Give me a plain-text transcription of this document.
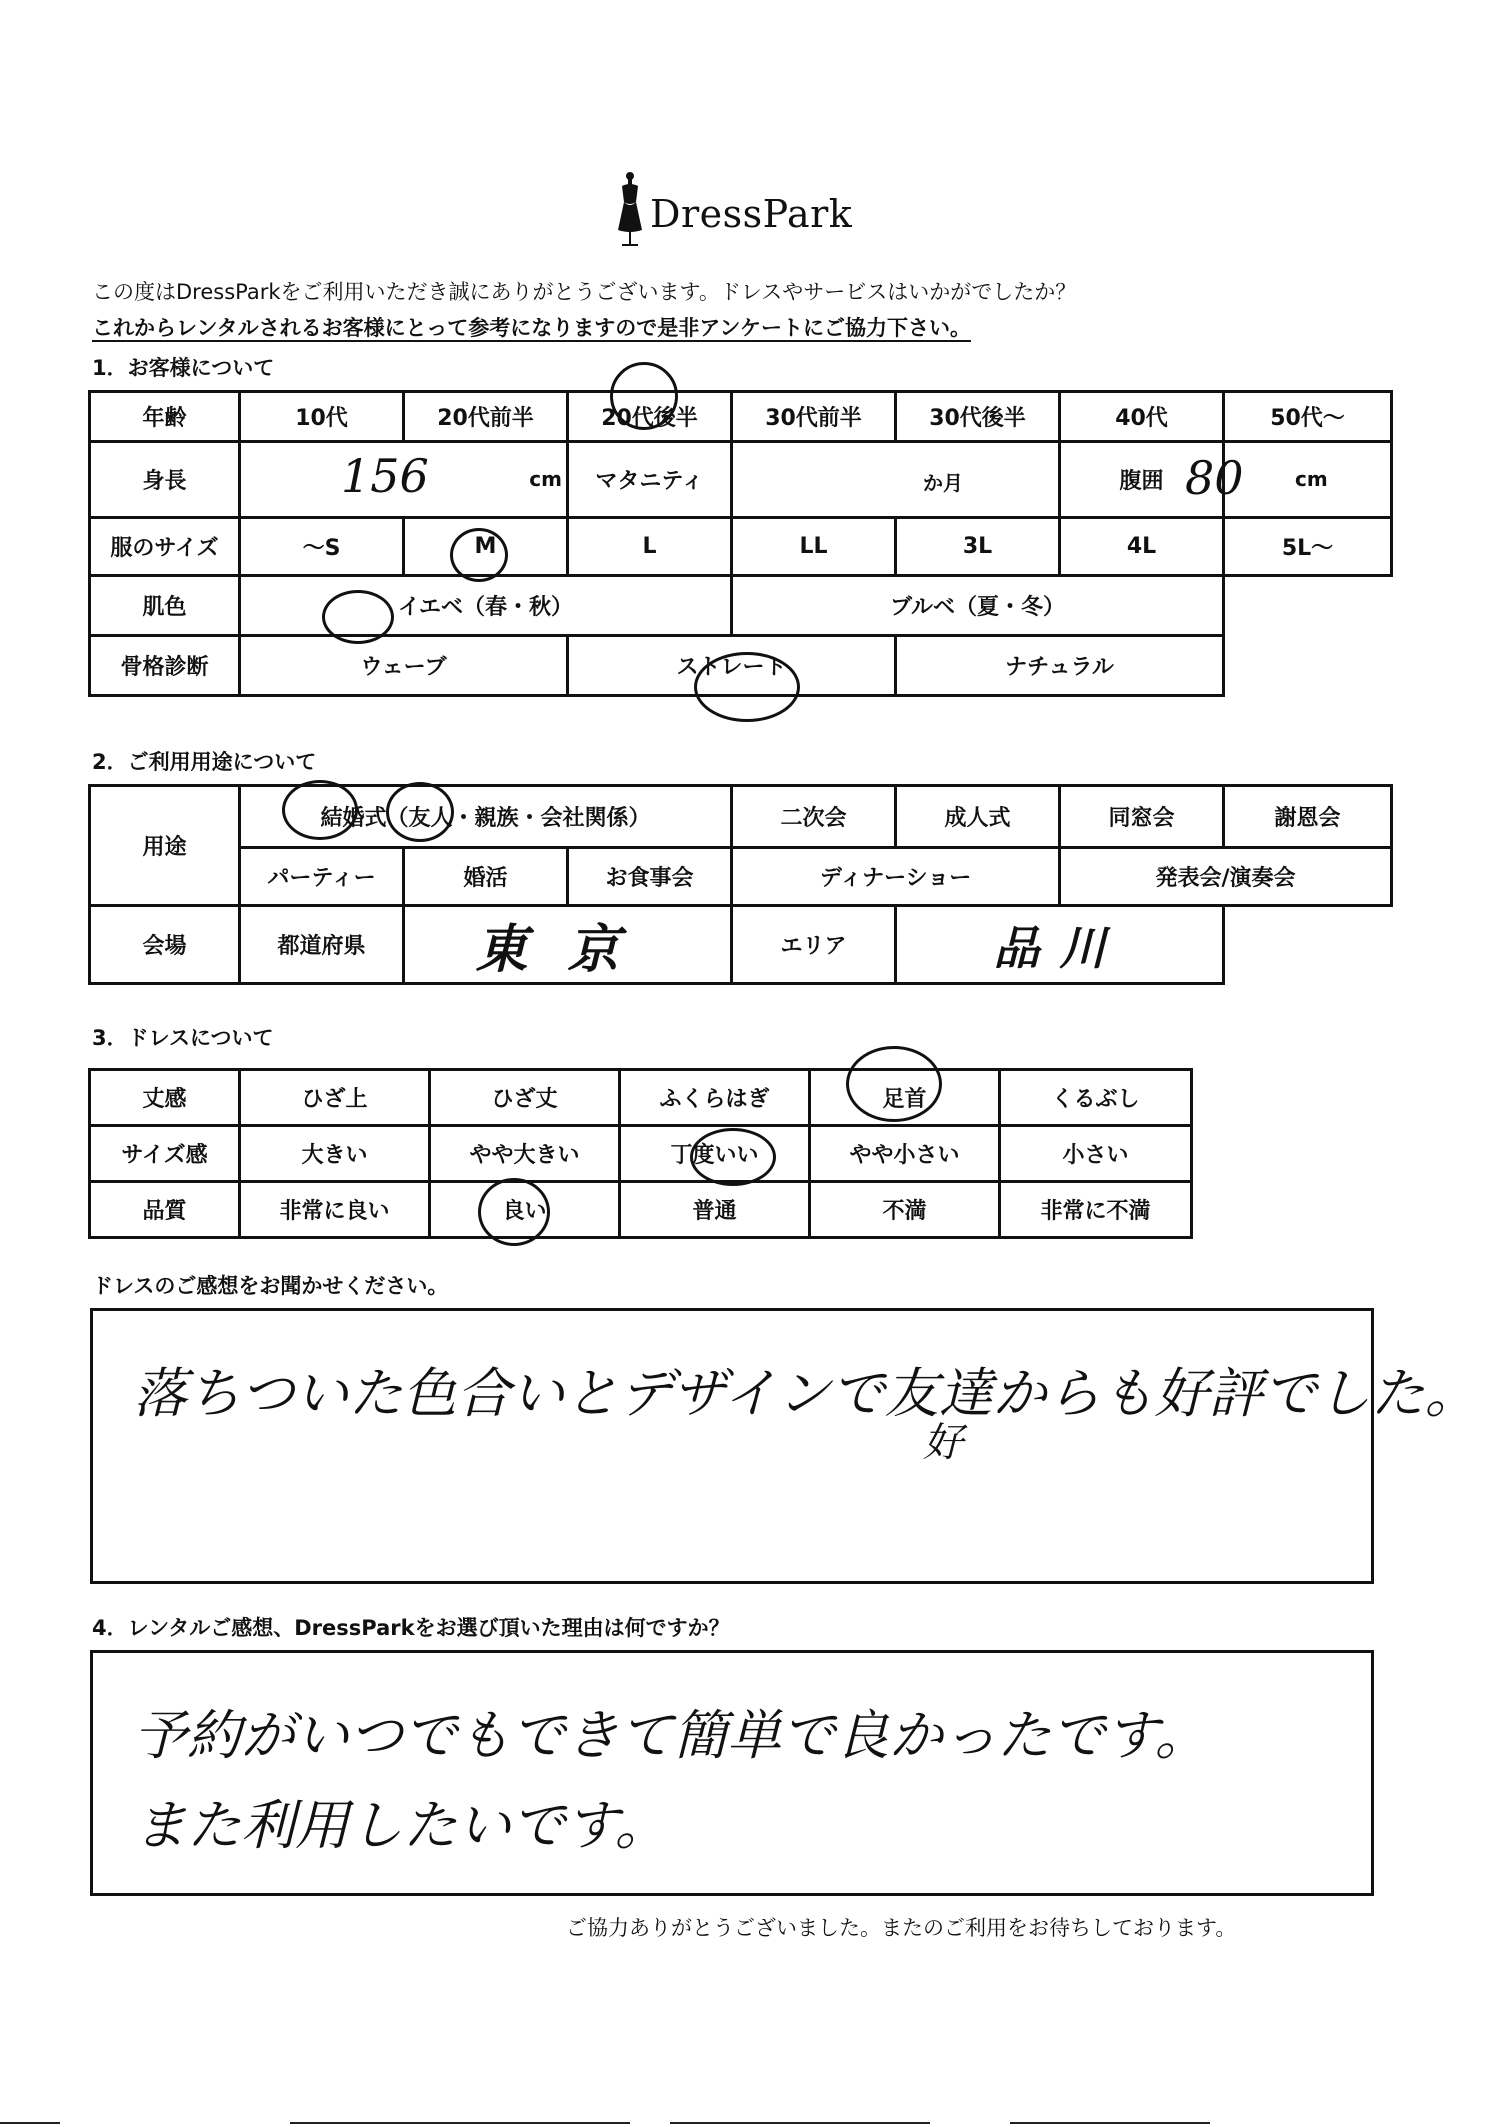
DressPark
この度はDressParkをご利用いただき誠にありがとうございます。ドレスやサービスはいかがでしたか？
これからレンタルされるお客様にとって参考になりますので是非アンケートにご協力下さい。
1．お客様について
年齢	10代	20代前半	20代後半	30代前半	30代後半	40代	50代～
身長	156 cm		マタニティ	か月		腹囲	80 cm

服のサイズ	～S	M	L	LL	3L	4L	5L～
肌色	イエベ（春・秋）			ブルベ（夏・冬）			
骨格診断	ウェーブ		ストレート		ナチュラル		
2．ご利用用途について
用途	結婚式（友人・親族・会社関係）			二次会	成人式	同窓会	謝恩会
	パーティー	婚活	お食事会	ディナーショー		発表会/演奏会	
会場	都道府県	東京		エリア	品川		
3．ドレスについて
丈感	ひざ上	ひざ丈	ふくらはぎ	足首	くるぶし
サイズ感	大きい	やや大きい	丁度いい	やや小さい	小さい
品質	非常に良い	良い	普通	不満	非常に不満
ドレスのご感想をお聞かせください。
落ちついた色合いとデザインで友達からも好評でした。
好
4．レンタルご感想、DressParkをお選び頂いた理由は何ですか？
予約がいつでもできて簡単で良かったです。
また利用したいです。
ご協力ありがとうございました。またのご利用をお待ちしております。
